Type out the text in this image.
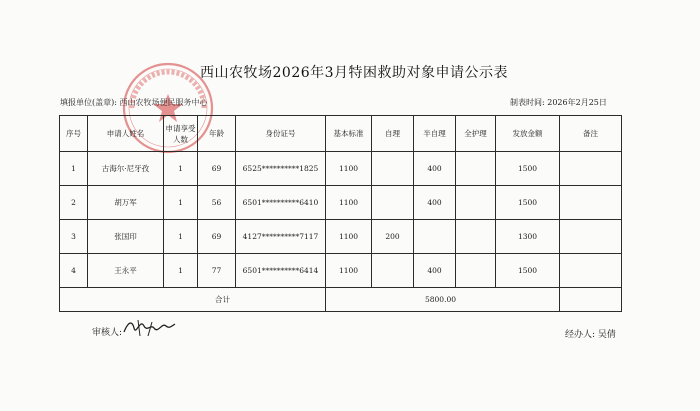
西山农牧场2026年3月特困救助对象申请公示表
填报单位(盖章): 西山农牧场便民服务中心	制表时间: 2026年2月25日
序号	申请人姓名	申请享受人数	年龄	身份证号	基本标准	自理	半自理	全护理	发放金额	备注
1	古海尔·尼牙孜	1	69	6525**********1825	1100		400		1500	
2	胡万军	1	56	6501**********6410	1100		400		1500	
3	张国印	1	69	4127**********7117	1100	200			1300	
4	王永平	1	77	6501**********6414	1100		400		1500	
合计					5800.00					
审核人:	经办人: 吴倩
